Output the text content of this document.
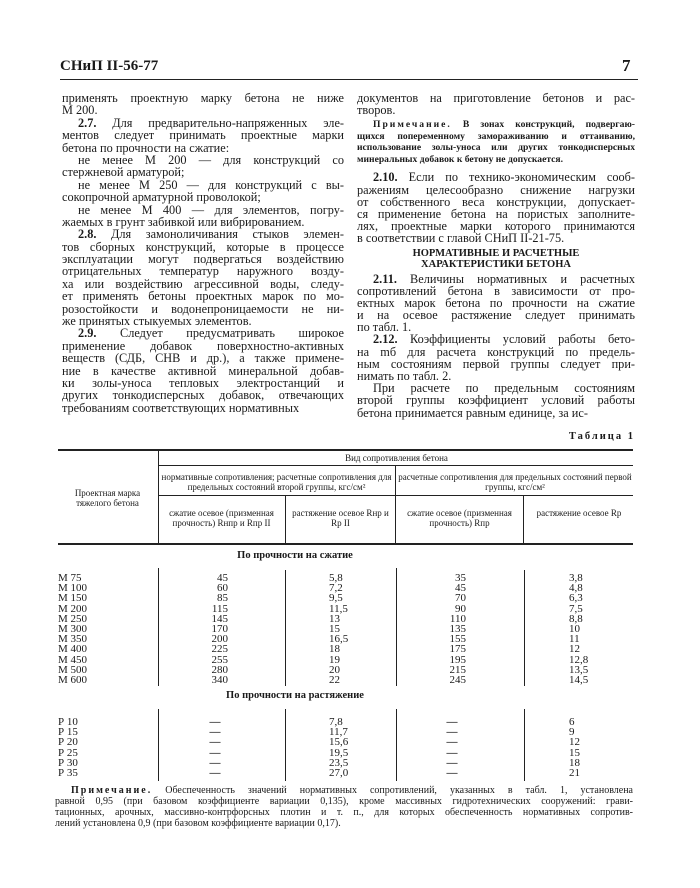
СНиП II-56-77	7
применять проектную марку бетона не ниже
М 200.
2.7. Для предварительно-напряженных эле-
ментов следует принимать проектные марки
бетона по прочности на сжатие:
не менее М 200 — для конструкций со
стержневой арматурой;
не менее М 250 — для конструкций с вы-
сокопрочной арматурной проволокой;
не менее М 400 — для элементов, погру-
жаемых в грунт забивкой или вибрированием.
2.8. Для замоноличивания стыков элемен-
тов сборных конструкций, которые в процессе
эксплуатации могут подвергаться воздействию
отрицательных температур наружного возду-
ха или воздействию агрессивной воды, следу-
ет применять бетоны проектных марок по мо-
розостойкости и водонепроницаемости не ни-
же принятых стыкуемых элементов.
2.9. Следует предусматривать широкое
применение добавок поверхностно-активных
веществ (СДБ, СНВ и др.), а также примене-
ние в качестве активной минеральной добав-
ки золы-уноса тепловых электростанций и
других тонкодисперсных добавок, отвечающих
требованиям соответствующих нормативных
документов на приготовление бетонов и рас-
творов.
Примечание. В зонах конструкций, подвергаю-
щихся попеременному замораживанию и оттаиванию,
использование золы-уноса или других тонкодисперсных
минеральных добавок к бетону не допускается.
2.10. Если по технико-экономическим сооб-
ражениям целесообразно снижение нагрузки
от собственного веса конструкции, допускает-
ся применение бетона на пористых заполните-
лях, проектные марки которого принимаются
в соответствии с главой СНиП II-21-75.
НОРМАТИВНЫЕ И РАСЧЕТНЫЕ
ХАРАКТЕРИСТИКИ БЕТОНА
2.11. Величины нормативных и расчетных
сопротивлений бетона в зависимости от про-
ектных марок бетона по прочности на сжатие
и на осевое растяжение следует принимать
по табл. 1.
2.12. Коэффициенты условий работы бето-
на mб для расчета конструкций по предель-
ным состояниям первой группы следует при-
нимать по табл. 2.
При расчете по предельным состояниям
второй группы коэффициент условий работы
бетона принимается равным единице, за ис-
Таблица 1
Проектная марка тяжелого бетона
Вид сопротивления бетона
нормативные сопротивления; расчетные сопротивления для предельных состояний второй группы, кгс/см²
расчетные сопротивления для предельных состояний первой группы, кгс/см²
сжатие осевое (призменная прочность) Rнпр и Rпр II
растяжение осевое Rнр и Rр II
сжатие осевое (призменная прочность) Rпр
растяжение осевое Rр
По прочности на сжатие
По прочности на растяжение
М 75	45	5,8	35	3,8
М 100	60	7,2	45	4,8
М 150	85	9,5	70	6,3
М 200	115	11,5	90	7,5
М 250	145	13	110	8,8
М 300	170	15	135	10
М 350	200	16,5	155	11
М 400	225	18	175	12
М 450	255	19	195	12,8
М 500	280	20	215	13,5
М 600	340	22	245	14,5
Р 10	—	7,8	—	6
Р 15	—	11,7	—	9
Р 20	—	15,6	—	12
Р 25	—	19,5	—	15
Р 30	—	23,5	—	18
Р 35	—	27,0	—	21
Примечание. Обеспеченность значений нормативных сопротивлений, указанных в табл. 1, установлена
равной 0,95 (при базовом коэффициенте вариации 0,135), кроме массивных гидротехнических сооружений: грави-
тационных, арочных, массивно-контрфорсных плотин и т. п., для которых обеспеченность нормативных сопротив-
лений установлена 0,9 (при базовом коэффициенте вариации 0,17).
